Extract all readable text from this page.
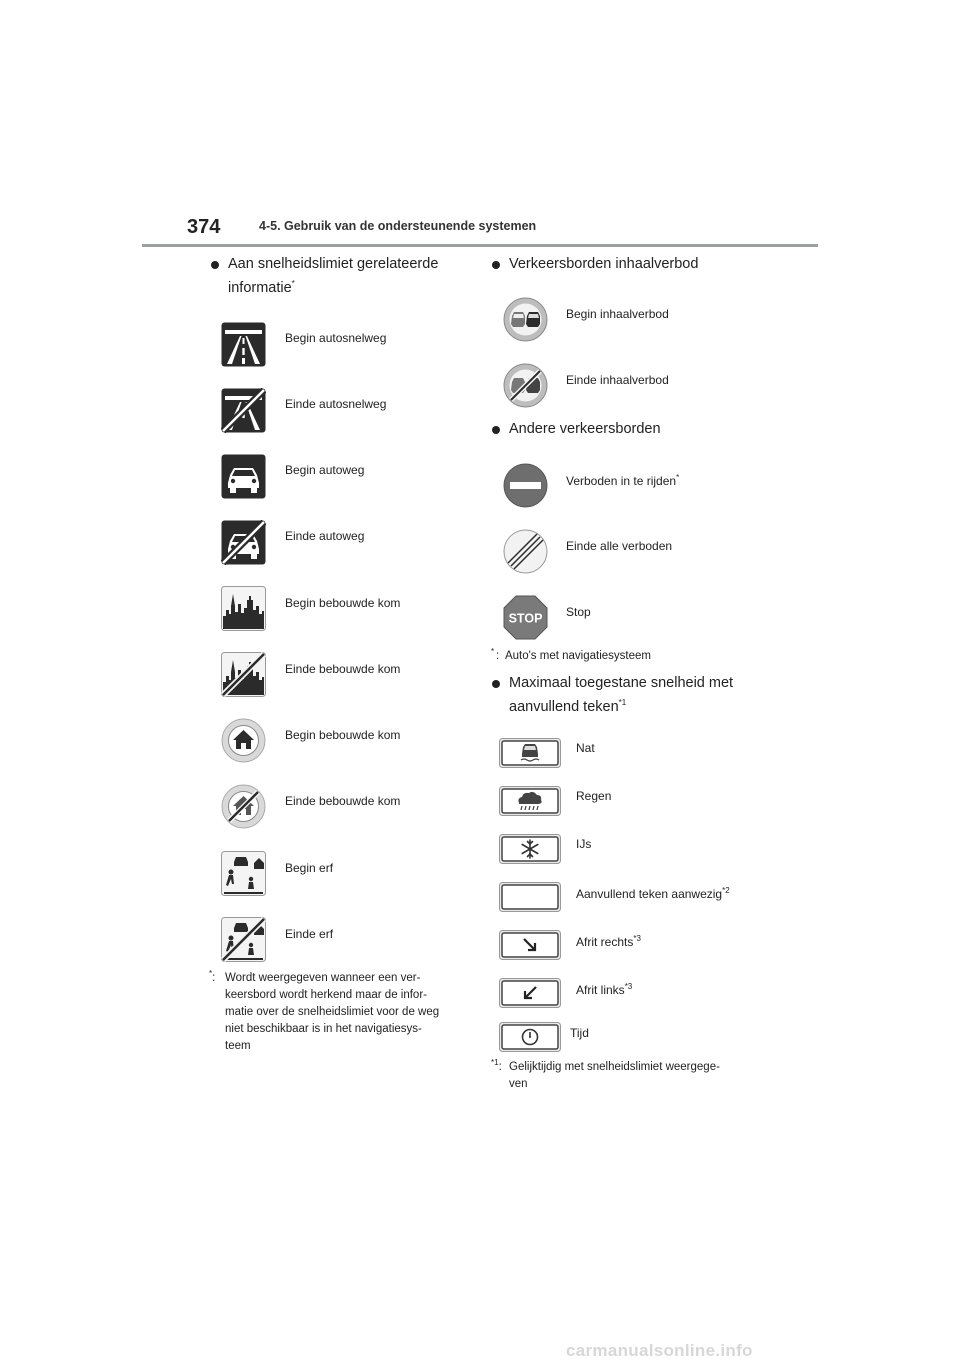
374	4-5. Gebruik van de ondersteunende systemen
Aan snelheidslimiet gerelateerde
informatie*
Begin autosnelweg
Einde autosnelweg
Begin autoweg
Einde autoweg
Begin bebouwde kom
Einde bebouwde kom
Begin bebouwde kom
Einde bebouwde kom
Begin erf
Einde erf
*: Wordt weergegeven wanneer een ver-
keersbord wordt herkend maar de infor-
matie over de snelheidslimiet voor de weg
niet beschikbaar is in het navigatiesys-
teem
Verkeersborden inhaalverbod
Begin inhaalverbod
Einde inhaalverbod
Andere verkeersborden
Verboden in te rijden*
Einde alle verboden
STOP Stop
* :  Auto's met navigatiesysteem
Maximaal toegestane snelheid met
aanvullend teken$^{*1}$
Nat
Regen
IJs
Aanvullend teken aanwezig$^{*2}$
Afrit rechts$^{*3}$
Afrit links$^{*3}$
Tijd
$^{*1}$: Gelijktijdig met snelheidslimiet weergege-
ven
carmanualsonline.info
